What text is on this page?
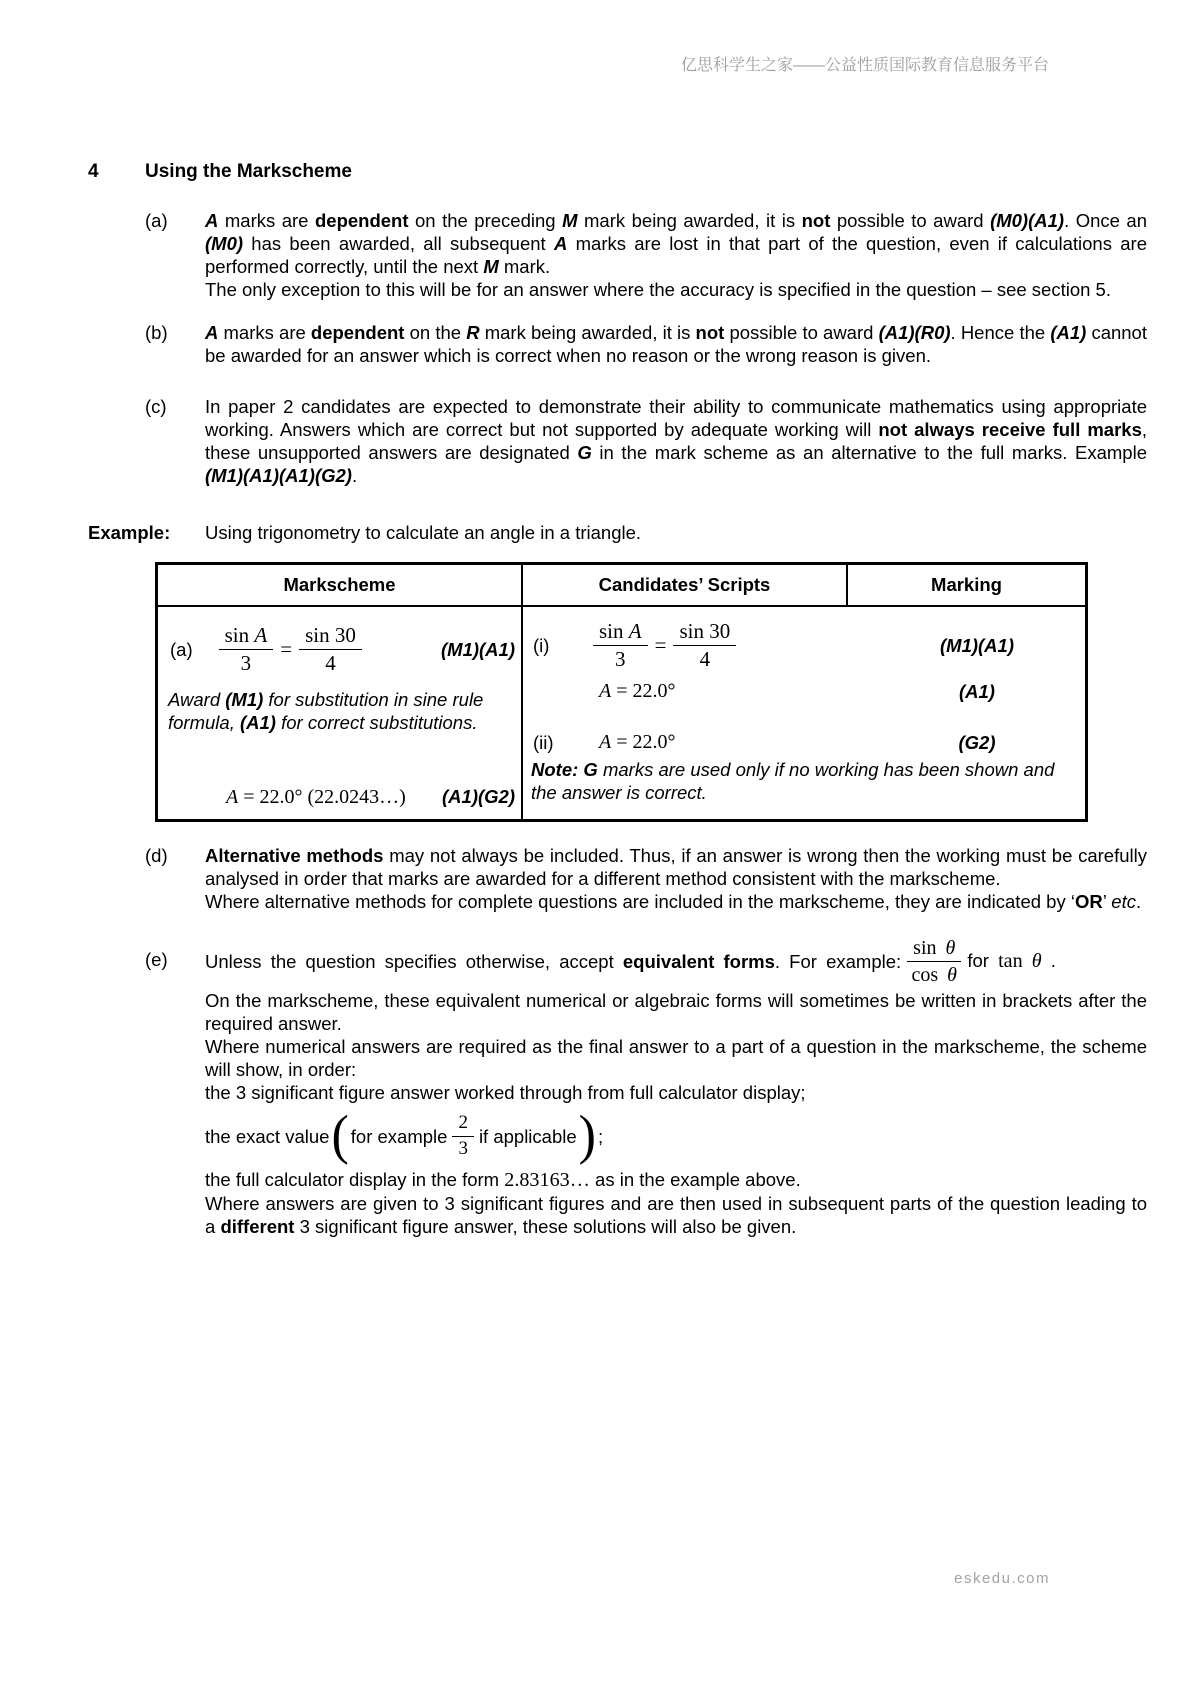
亿思科学生之家——公益性质国际教育信息服务平台
4	Using the Markscheme
(a)	A marks are dependent on the preceding M mark being awarded, it is not possible to award (M0)(A1). Once an (M0) has been awarded, all subsequent A marks are lost in that part of the question, even if calculations are performed correctly, until the next M mark.

The only exception to this will be for an answer where the accuracy is specified in the question – see section 5.

(b)	A marks are dependent on the R mark being awarded, it is not possible to award (A1)(R0). Hence the (A1) cannot be awarded for an answer which is correct when no reason or the wrong reason is given.

(c)	In paper 2 candidates are expected to demonstrate their ability to communicate mathematics using appropriate working. Answers which are correct but not supported by adequate working will not always receive full marks, these unsupported answers are designated G in the mark scheme as an alternative to the full marks. Example (M1)(A1)(A1)(G2).

Example:	Using trigonometry to calculate an angle in a triangle.
Markscheme	Candidates’ Scripts	Marking
$(a) \frac{\text{sin A}}{3} = \frac{\sin 30}{4}$	(M1)(A1)

Award (M1) for substitution in sine rule formula, (A1) for correct substitutions.

A = 22.0° (22.0243…) (A1)(G2)
(i)	$\frac{\text{sin A}}{3} = \frac{\sin 30}{4}$	(M1)(A1)
A = 22.0°	(A1)
(ii)	A = 22.0°	(G2)

Note: G marks are used only if no working has been shown and the answer is correct.

(d)	Alternative methods may not always be included. Thus, if an answer is wrong then the working must be carefully analysed in order that marks are awarded for a different method consistent with the markscheme.

Where alternative methods for complete questions are included in the markscheme, they are indicated by ‘OR’ etc.

(e)	Unless the question specifies otherwise, accept equivalent forms. For example: $\frac{\text{sin θ}}{\text{cos θ}}$ for tan θ .

On the markscheme, these equivalent numerical or algebraic forms will sometimes be written in brackets after the required answer.

Where numerical answers are required as the final answer to a part of a question in the markscheme, the scheme will show, in order:

the 3 significant figure answer worked through from full calculator display;

the exact value ( for example $\frac{2}{3}$ if applicable ) ;

the full calculator display in the form 2.83163… as in the example above.

Where answers are given to 3 significant figures and are then used in subsequent parts of the question leading to a different 3 significant figure answer, these solutions will also be given.

eskedu.com
